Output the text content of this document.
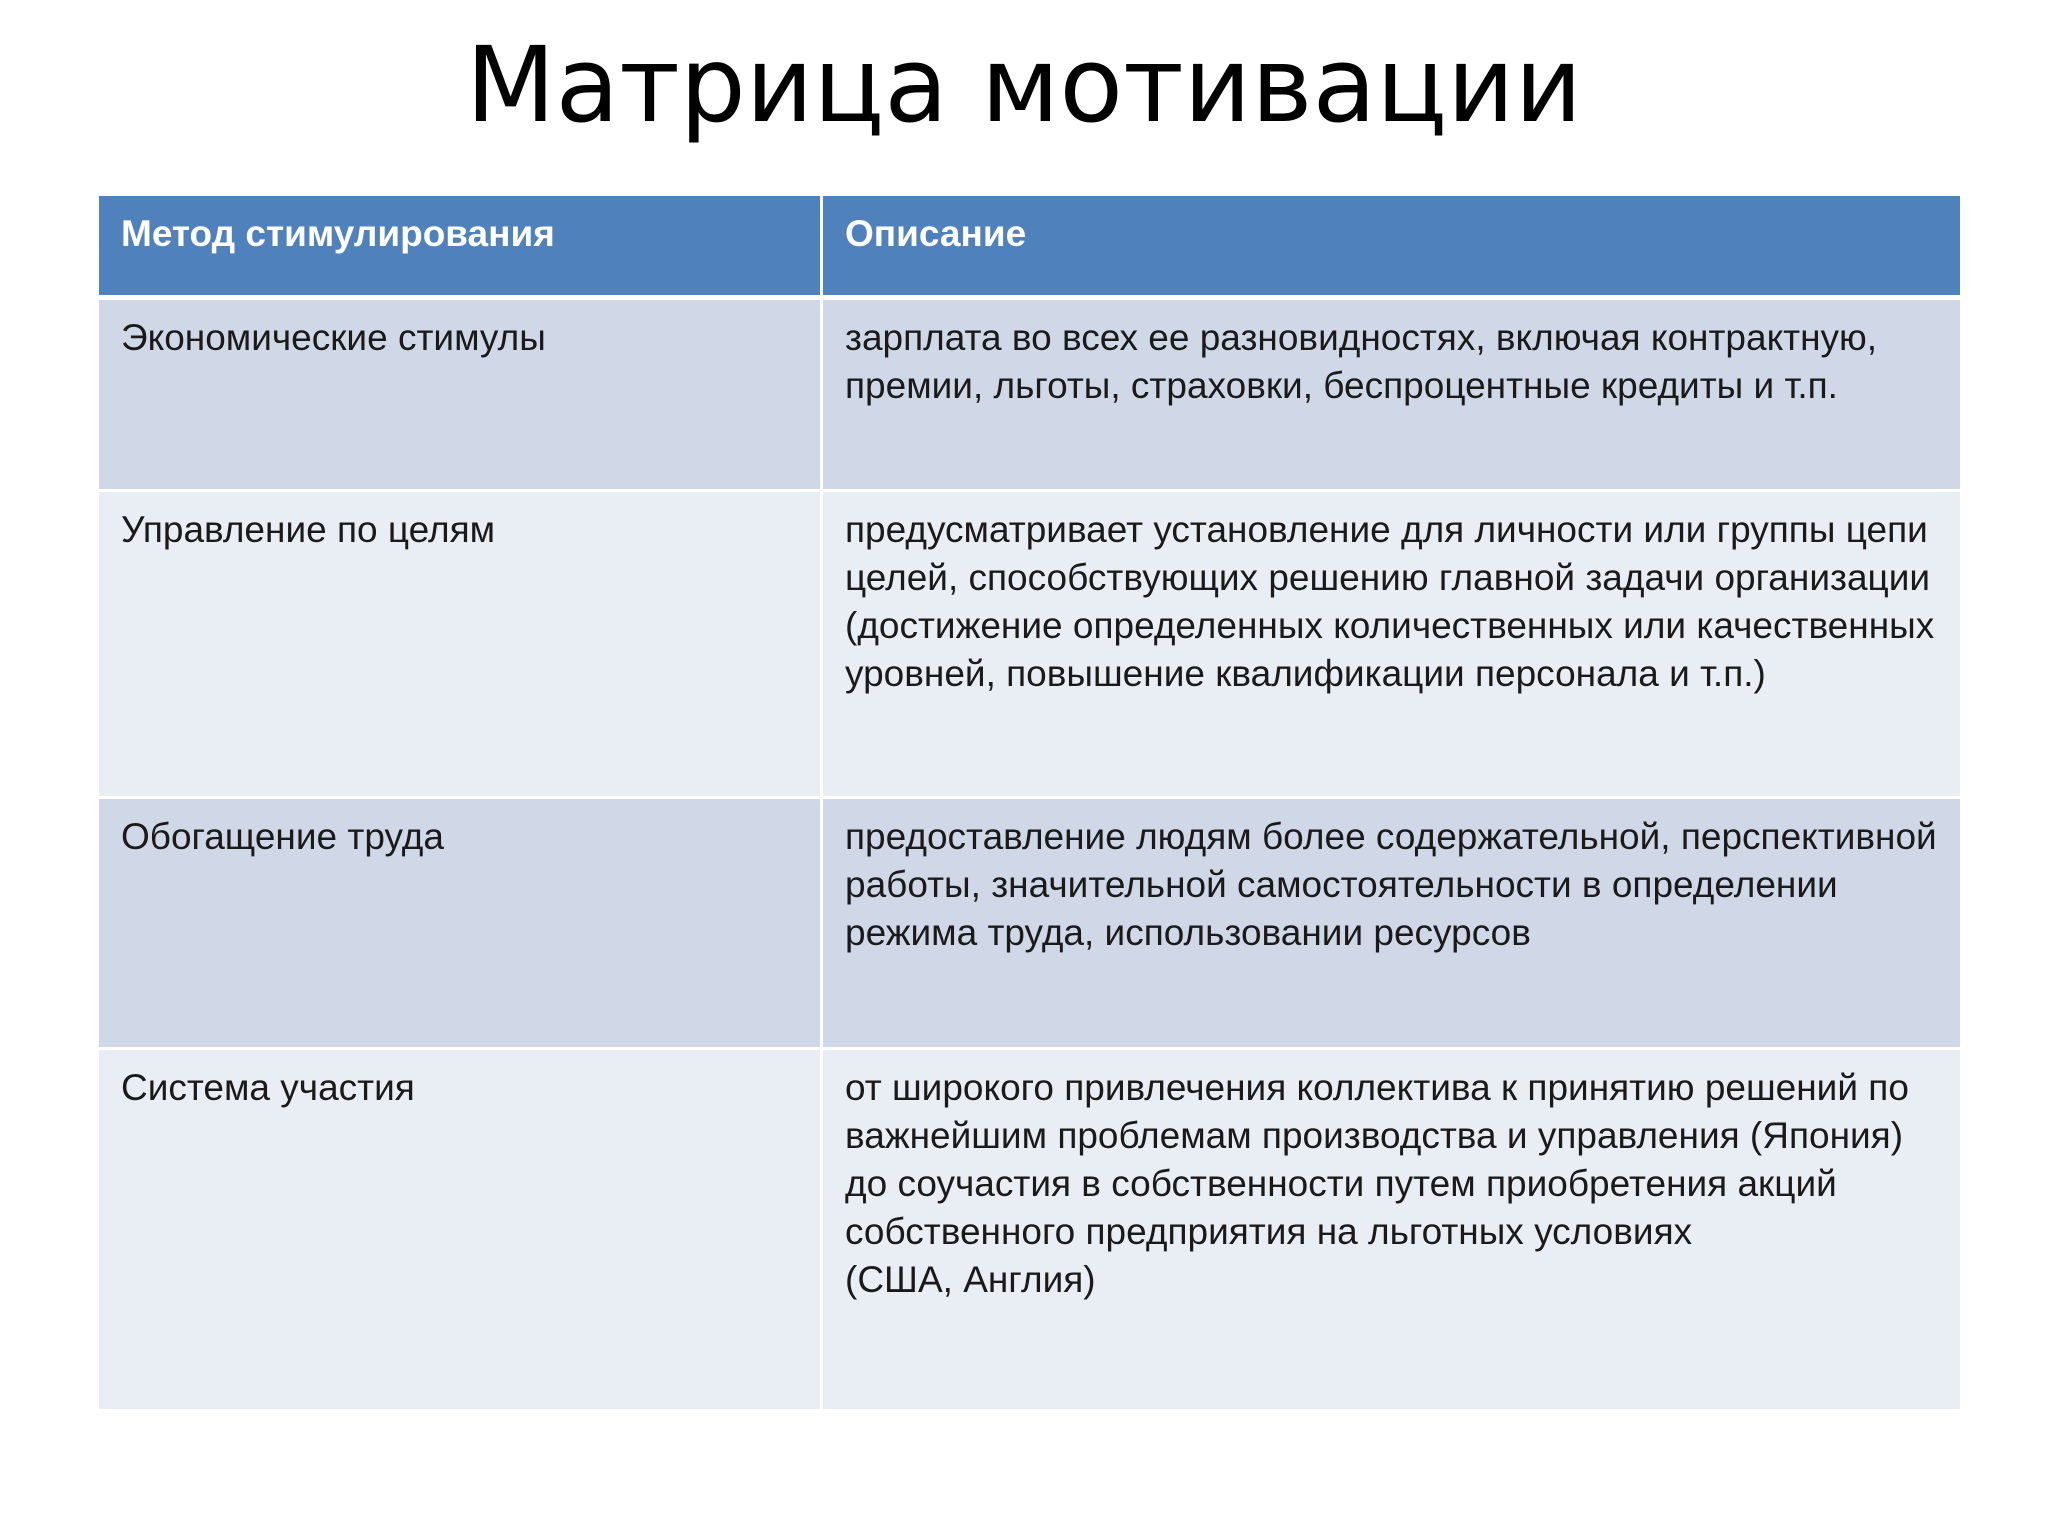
Матрица мотивации
Метод стимулирования	Описание
Экономические стимулы	зарплата во всех ее разновидностях, включая контрактную, премии, льготы, страховки, беспроцентные кредиты и т.п.
Управление по целям	предусматривает установление для личности или группы цепи целей, способствующих решению главной задачи организации (достижение определенных количественных или качественных уровней, повышение квалификации персонала и т.п.)
Обогащение труда	предоставление людям более содержательной, перспективной работы, значительной самостоятельности в определении режима труда, использовании ресурсов
Система участия	от широкого привлечения коллектива к принятию решений по важнейшим проблемам производства и управления (Япония) до соучастия в собственности путем приобретения акций собственного предприятия на льготных условиях
(США, Англия)
